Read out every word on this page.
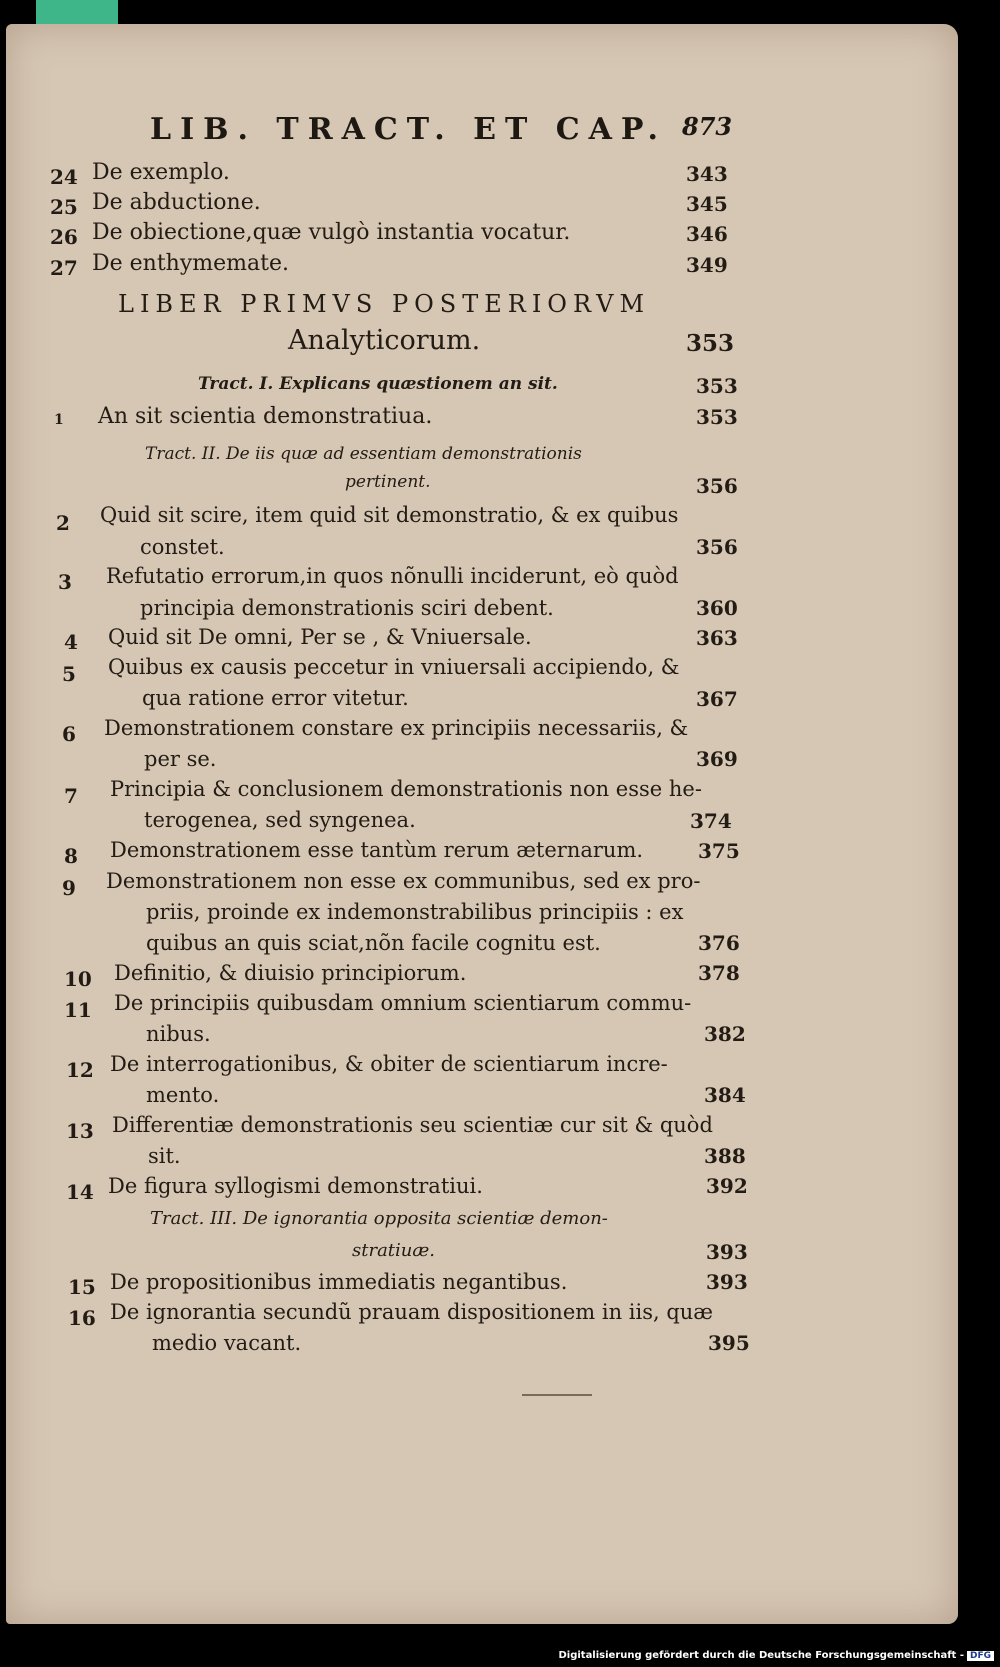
LIB. TRACT. ET CAP. 873
24 De exemplo.	343
25 De abductione.	345
26 De obiectione,quæ vulgò instantia vocatur.	346
27 De enthymemate.	349
LIBER PRIMVS POSTERIORVM
Analyticorum.	353
Tract. I. Explicans quæstionem an sit.	353
1 An sit scientia demonstratiua.	353
Tract. II. De iis quæ ad essentiam demonstrationis
pertinent.	356
2 Quid sit scire, item quid sit demonstratio, & ex quibus
constet.	356
3 Refutatio errorum,in quos nõnulli inciderunt, eò quòd
principia demonstrationis sciri debent.	360
4 Quid sit De omni, Per se , & Vniuersale.	363
5 Quibus ex causis peccetur in vniuersali accipiendo, &
qua ratione error vitetur.	367
6 Demonstrationem constare ex principiis necessariis, &
per se.	369
7 Principia & conclusionem demonstrationis non esse he-
terogenea, sed syngenea.	374
8 Demonstrationem esse tantùm rerum æternarum.	375
9 Demonstrationem non esse ex communibus, sed ex pro-
priis, proinde ex indemonstrabilibus principiis : ex
quibus an quis sciat,nõn facile cognitu est.	376
10 Definitio, & diuisio principiorum.	378
11 De principiis quibusdam omnium scientiarum commu-
nibus.	382
12 De interrogationibus, & obiter de scientiarum incre-
mento.	384
13 Differentiæ demonstrationis seu scientiæ cur sit & quòd
sit.	388
14 De figura syllogismi demonstratiui.	392
Tract. III. De ignorantia opposita scientiæ demon-
stratiuæ.	393
15 De propositionibus immediatis negantibus.	393
16 De ignorantia secundũ prauam dispositionem in iis, quæ
medio vacant.	395
Digitalisierung gefördert durch die Deutsche Forschungsgemeinschaft - DFG
